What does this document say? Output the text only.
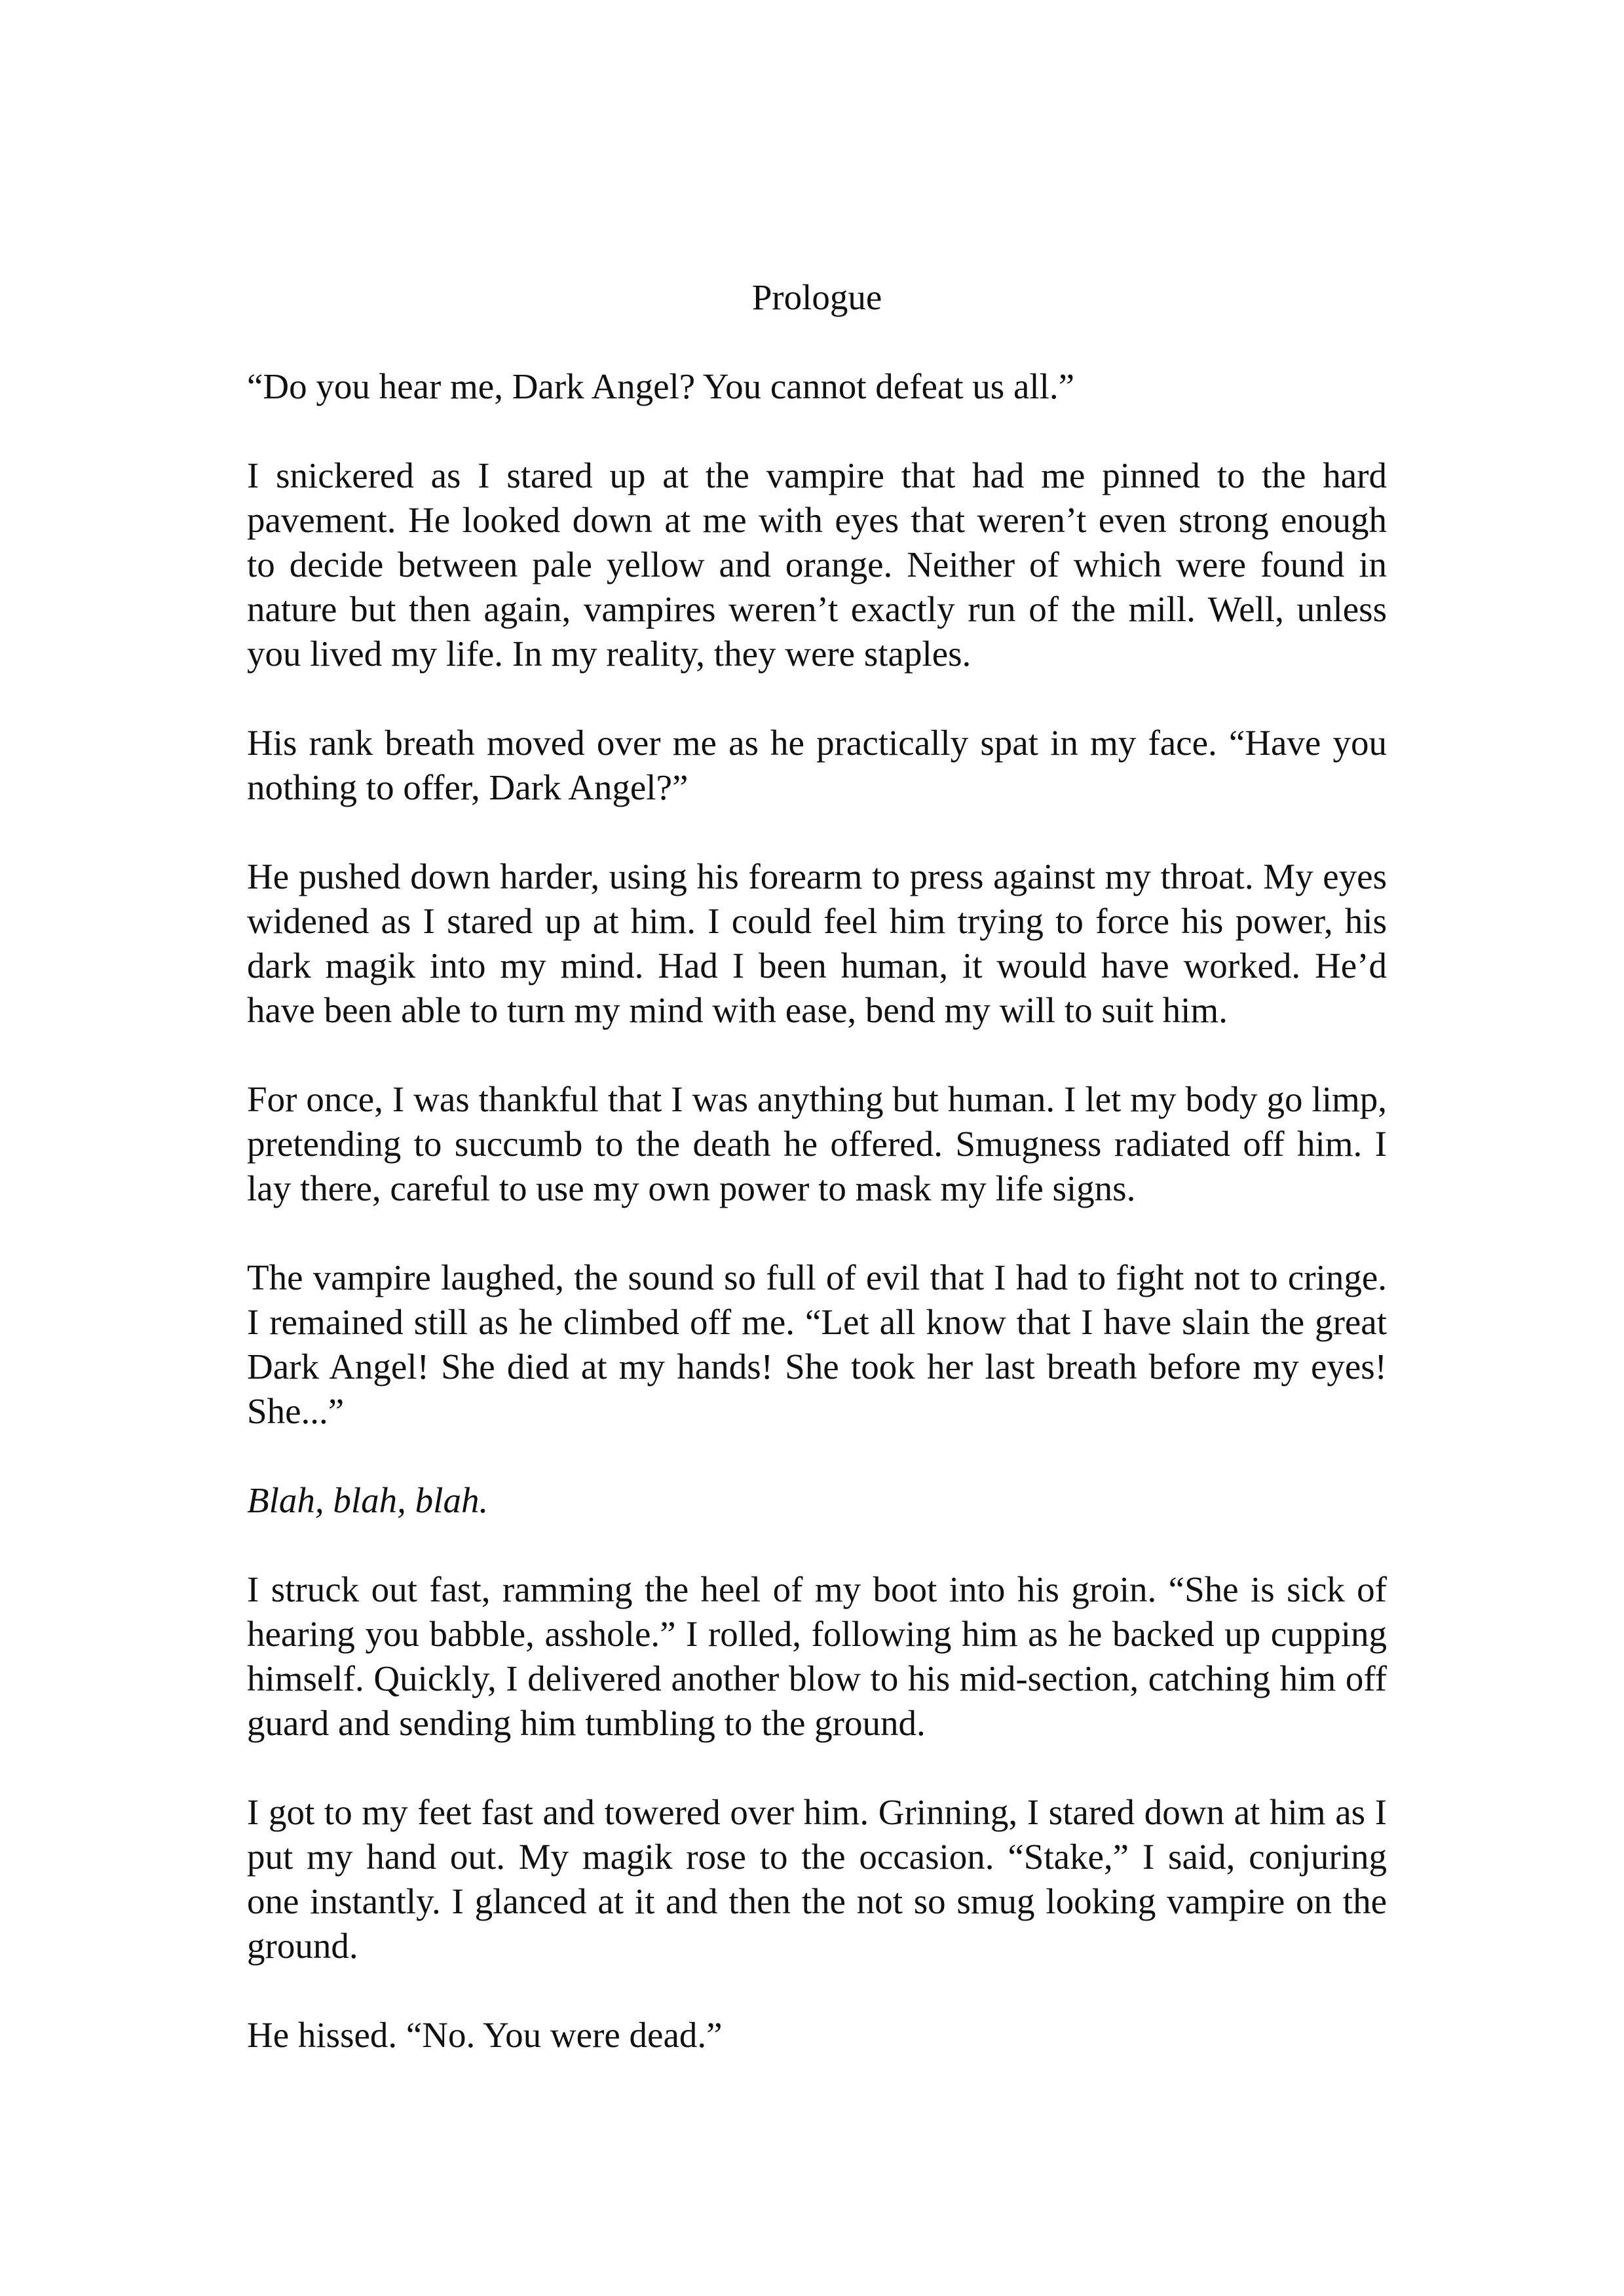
Prologue

“Do you hear me, Dark Angel? You cannot defeat us all.”

I snickered as I stared up at the vampire that had me pinned to the hard pavement. He looked down at me with eyes that weren’t even strong enough to decide between pale yellow and orange. Neither of which were found in nature but then again, vampires weren’t exactly run of the mill. Well, unless you lived my life. In my reality, they were staples.

His rank breath moved over me as he practically spat in my face. “Have you nothing to offer, Dark Angel?”

He pushed down harder, using his forearm to press against my throat. My eyes widened as I stared up at him. I could feel him trying to force his power, his dark magik into my mind. Had I been human, it would have worked. He’d have been able to turn my mind with ease, bend my will to suit him.

For once, I was thankful that I was anything but human. I let my body go limp, pretending to succumb to the death he offered. Smugness radiated off him. I lay there, careful to use my own power to mask my life signs.

The vampire laughed, the sound so full of evil that I had to fight not to cringe. I remained still as he climbed off me. “Let all know that I have slain the great Dark Angel! She died at my hands! She took her last breath before my eyes! She...”

Blah, blah, blah.

I struck out fast, ramming the heel of my boot into his groin. “She is sick of hearing you babble, asshole.” I rolled, following him as he backed up cupping himself. Quickly, I delivered another blow to his mid-section, catching him off guard and sending him tumbling to the ground.

I got to my feet fast and towered over him. Grinning, I stared down at him as I put my hand out. My magik rose to the occasion. “Stake,” I said, conjuring one instantly. I glanced at it and then the not so smug looking vampire on the ground.

He hissed. “No. You were dead.”
